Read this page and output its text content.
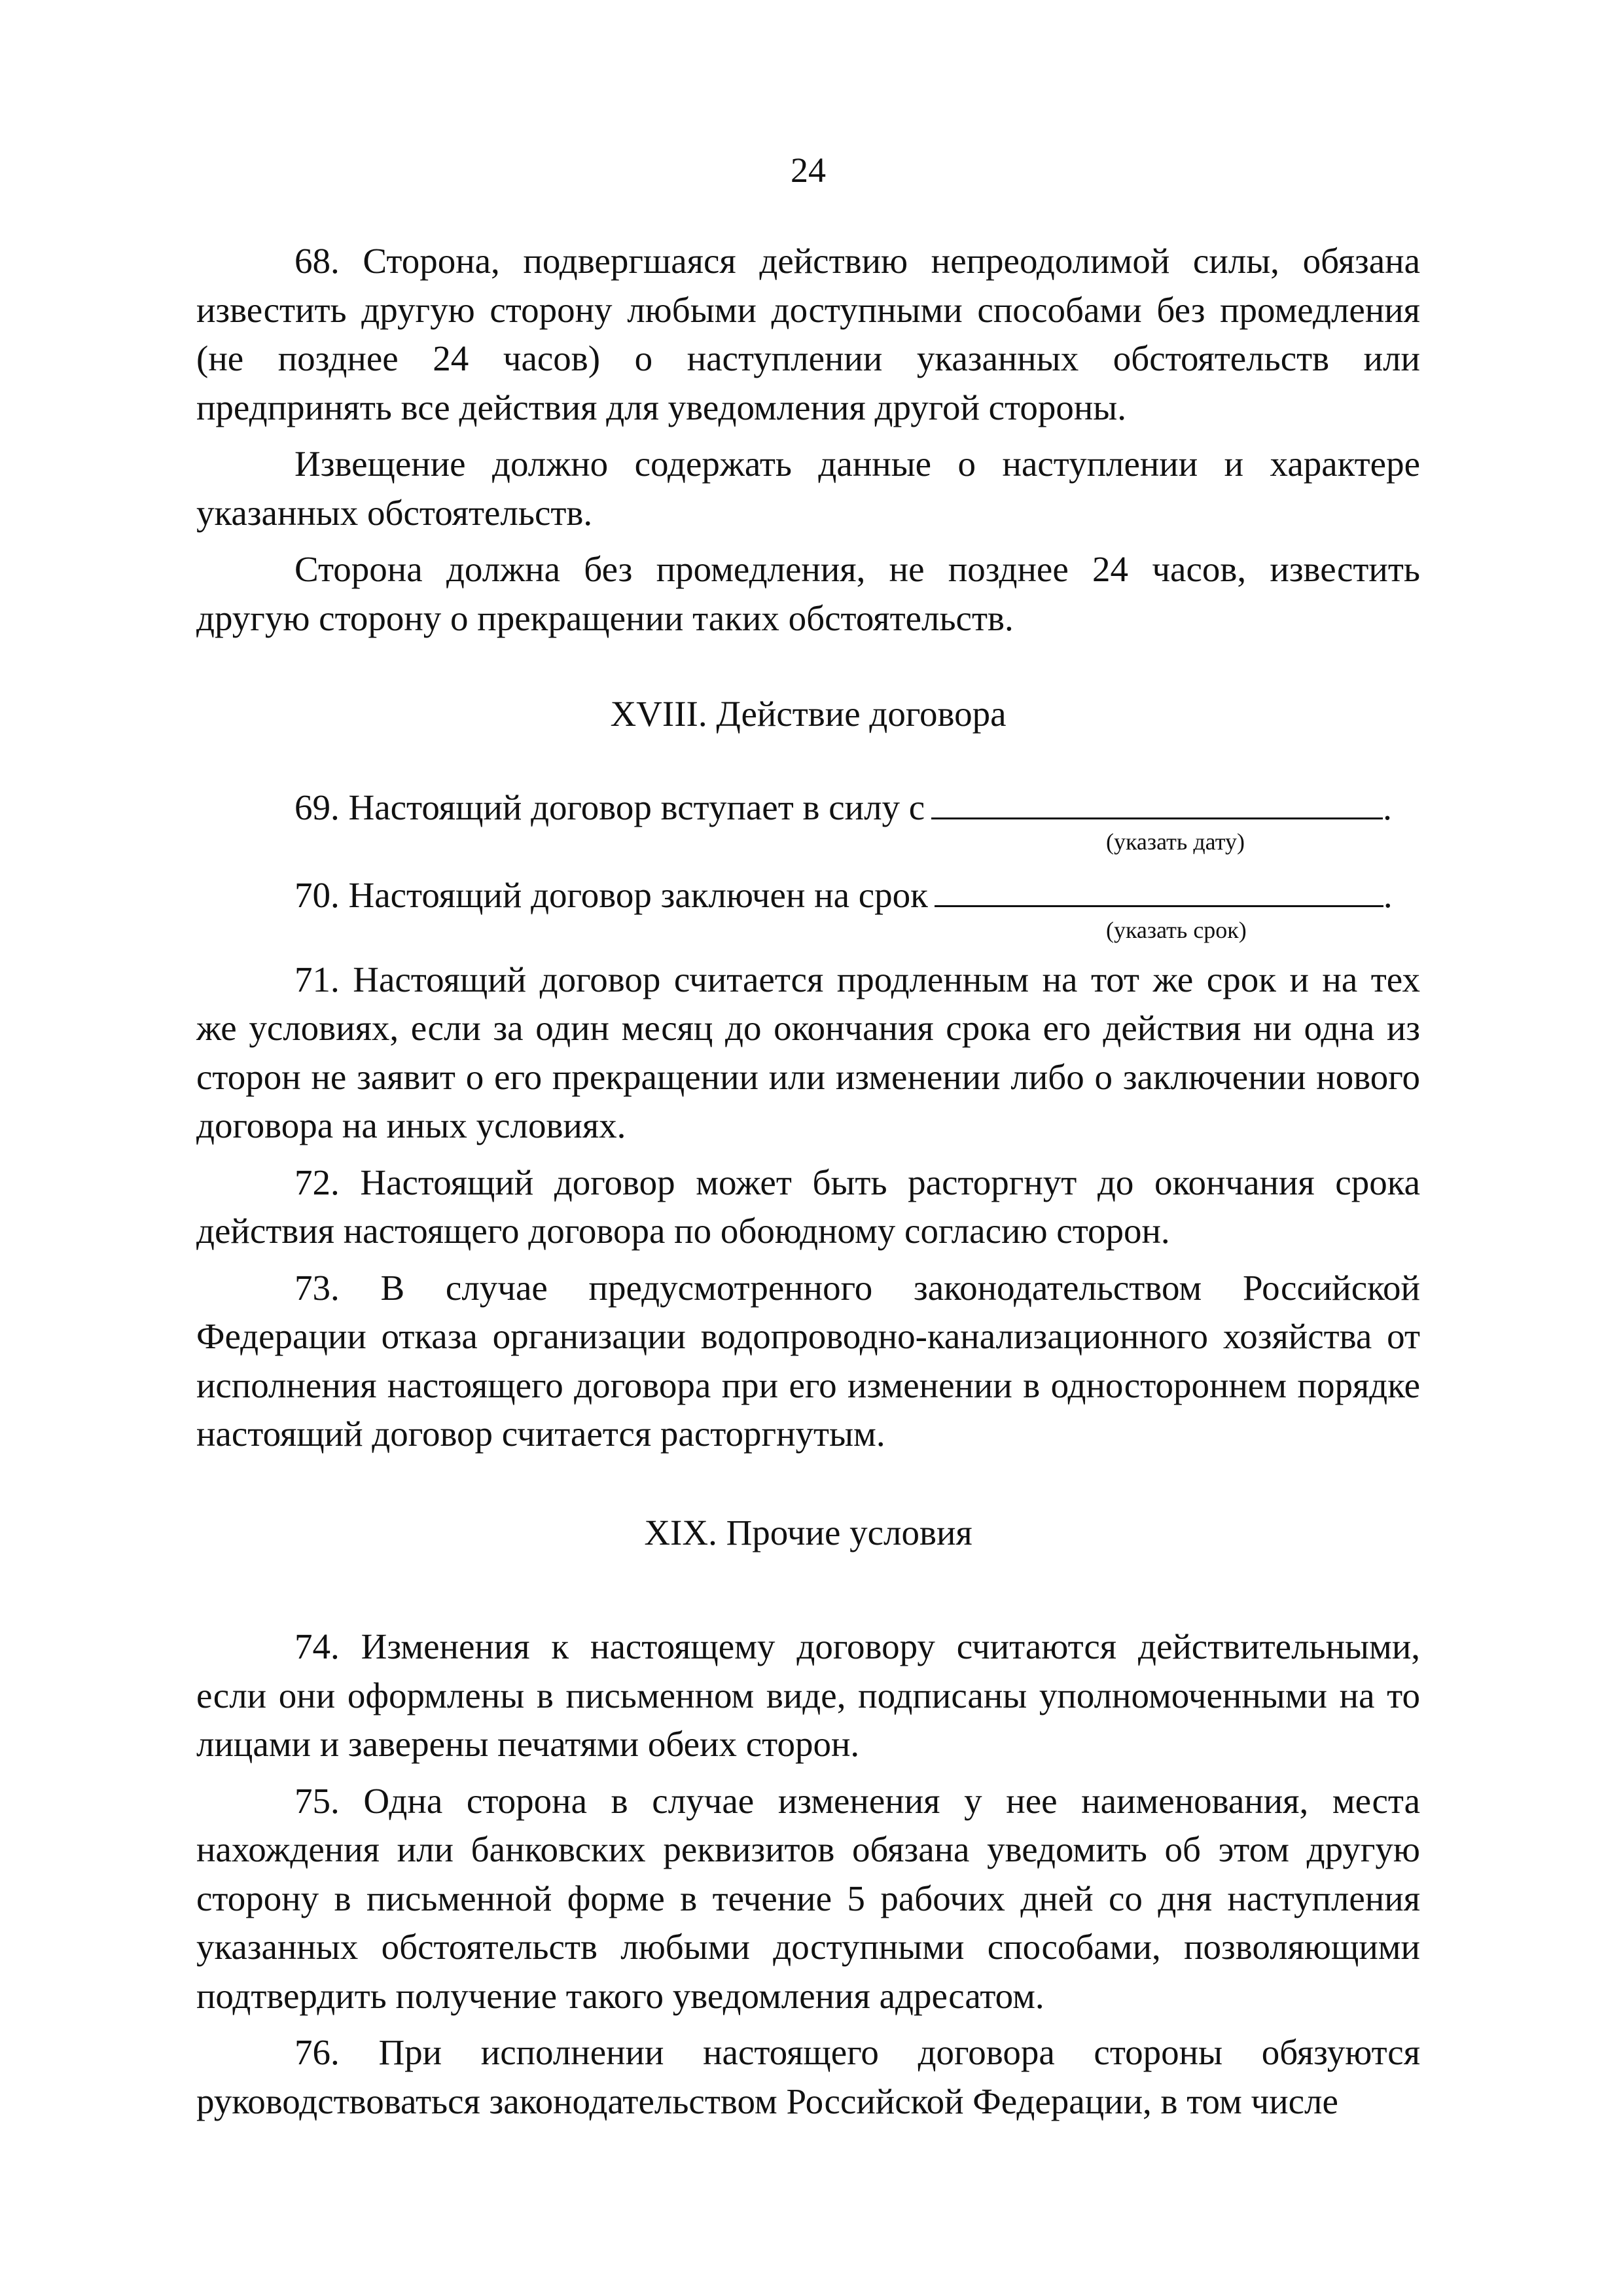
24

68. Сторона, подвергшаяся действию непреодолимой силы, обязана известить другую сторону любыми доступными способами без промедления (не позднее 24 часов) о наступлении указанных обстоятельств или предпринять все действия для уведомления другой стороны.

Извещение должно содержать данные о наступлении и характере указанных обстоятельств.

Сторона должна без промедления, не позднее 24 часов, известить другую сторону о прекращении таких обстоятельств.

XVIII. Действие договора

69. Настоящий договор вступает в силу с	.

(указать дату)

70. Настоящий договор заключен на срок	.

(указать срок)

71. Настоящий договор считается продленным на тот же срок и на тех же условиях, если за один месяц до окончания срока его действия ни одна из сторон не заявит о его прекращении или изменении либо о заключении нового договора на иных условиях.

72. Настоящий договор может быть расторгнут до окончания срока действия настоящего договора по обоюдному согласию сторон.

73. В случае предусмотренного законодательством Российской Федерации отказа организации водопроводно-канализационного хозяйства от исполнения настоящего договора при его изменении в одностороннем порядке настоящий договор считается расторгнутым.

XIX. Прочие условия

74. Изменения к настоящему договору считаются действительными, если они оформлены в письменном виде, подписаны уполномоченными на то лицами и заверены печатями обеих сторон.

75. Одна сторона в случае изменения у нее наименования, места нахождения или банковских реквизитов обязана уведомить об этом другую сторону в письменной форме в течение 5 рабочих дней со дня наступления указанных обстоятельств любыми доступными способами, позволяющими подтвердить получение такого уведомления адресатом.

76. При исполнении настоящего договора стороны обязуются руководствоваться законодательством Российской Федерации, в том числе
